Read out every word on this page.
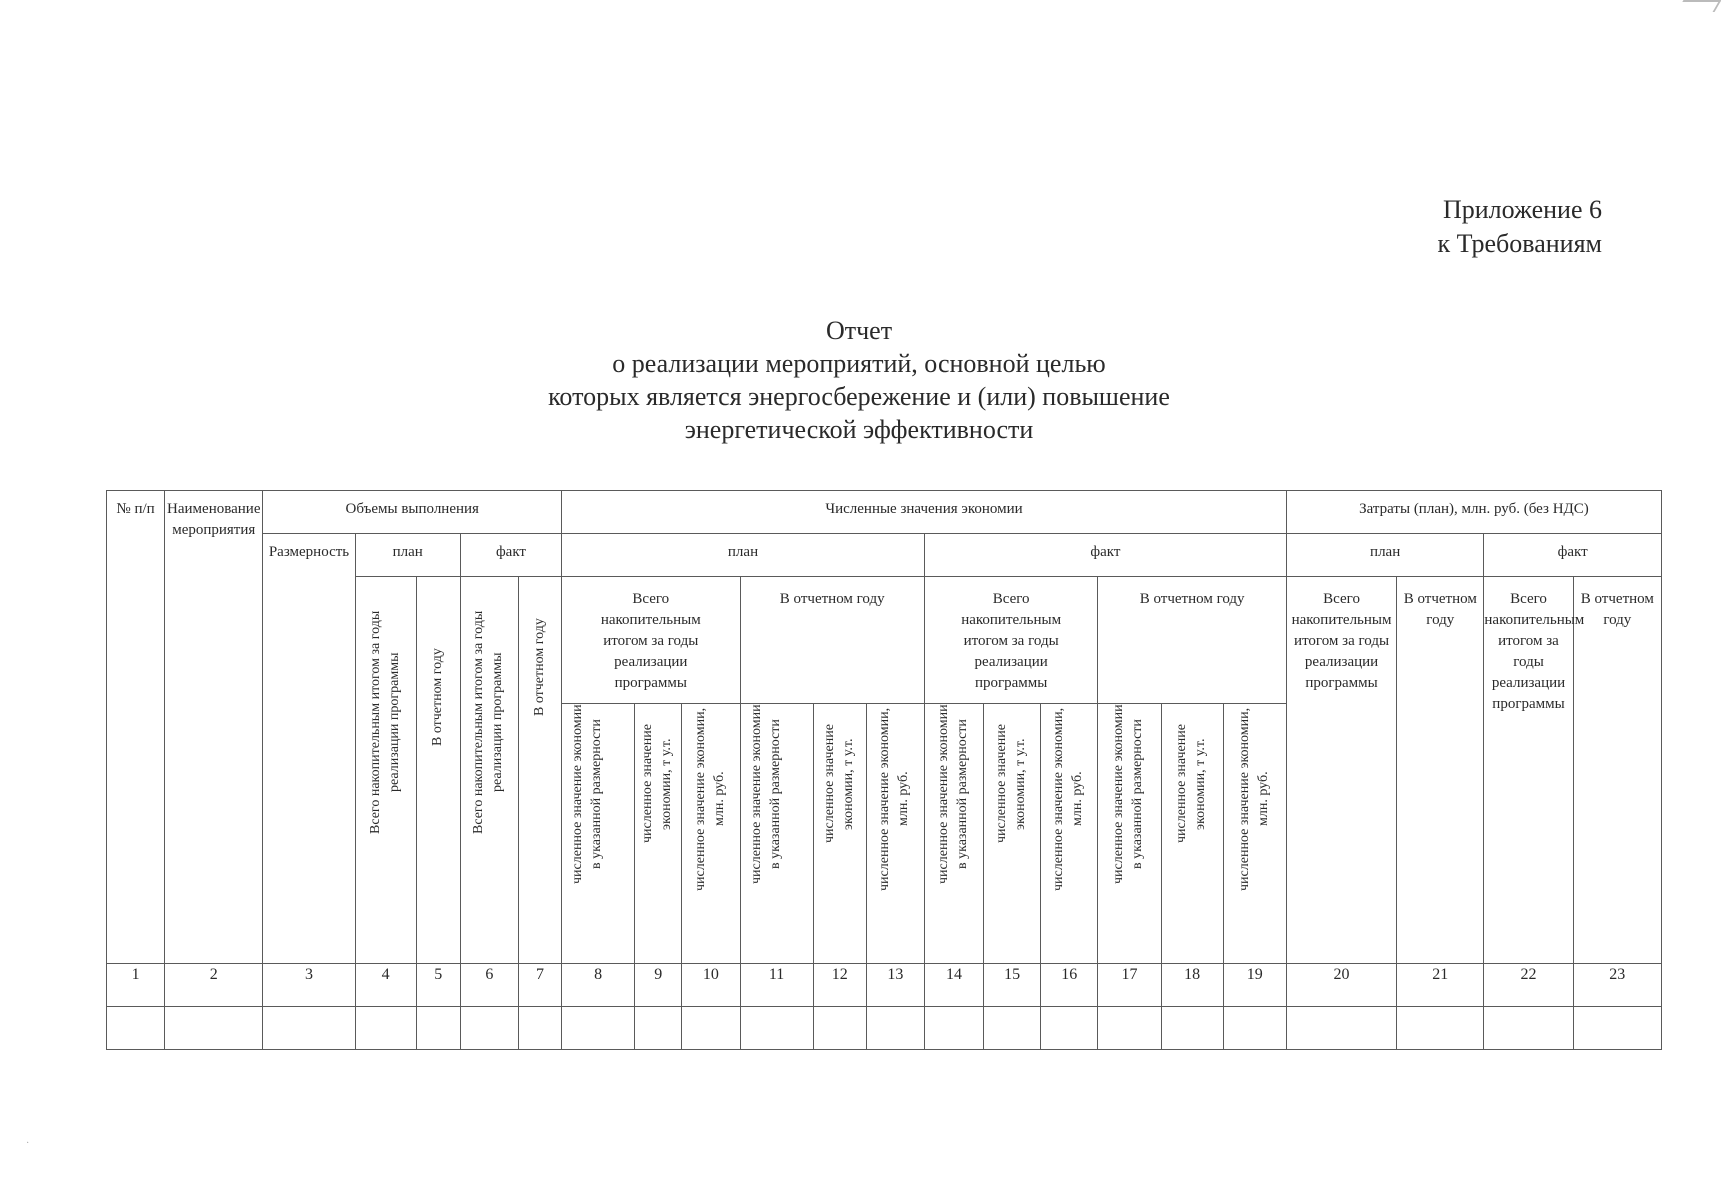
·
Приложение 6
к Требованиям
Отчет
о реализации мероприятий, основной целью
которых является энергосбережение и (или) повышение
энергетической эффективности
№ п/п	Наименование мероприятия	Объемы выполнения					Численные значения экономии												Затраты (план), млн. руб. (без НДС)			
		Размерность	план		факт		план						факт						план		факт	
			Всего накопительным итогом за годы реализации программы	В отчетном году	Всего накопительным итогом за годы реализации программы	В отчетном году	Всего накопительным итогом за годы реализации программы			В отчетном году			Всего накопительным итогом за годы реализации программы			В отчетном году			Всего накопительным итогом за годы реализации программы	В отчетном году	Всего накопительным итогом за годы реализации программы	В отчетном году
							численное значение экономии в указанной размерности	численное значение экономии, т у.т.	численное значение экономии, млн. руб.	численное значение экономии в указанной размерности	численное значение экономии, т у.т.	численное значение экономии, млн. руб.	численное значение экономии в указанной размерности	численное значение экономии, т у.т.	численное значение экономии, млн. руб.	численное значение экономии в указанной размерности	численное значение экономии, т у.т.	численное значение экономии, млн. руб.				
1	2	3	4	5	6	7	8	9	10	11	12	13	14	15	16	17	18	19	20	21	22	23
